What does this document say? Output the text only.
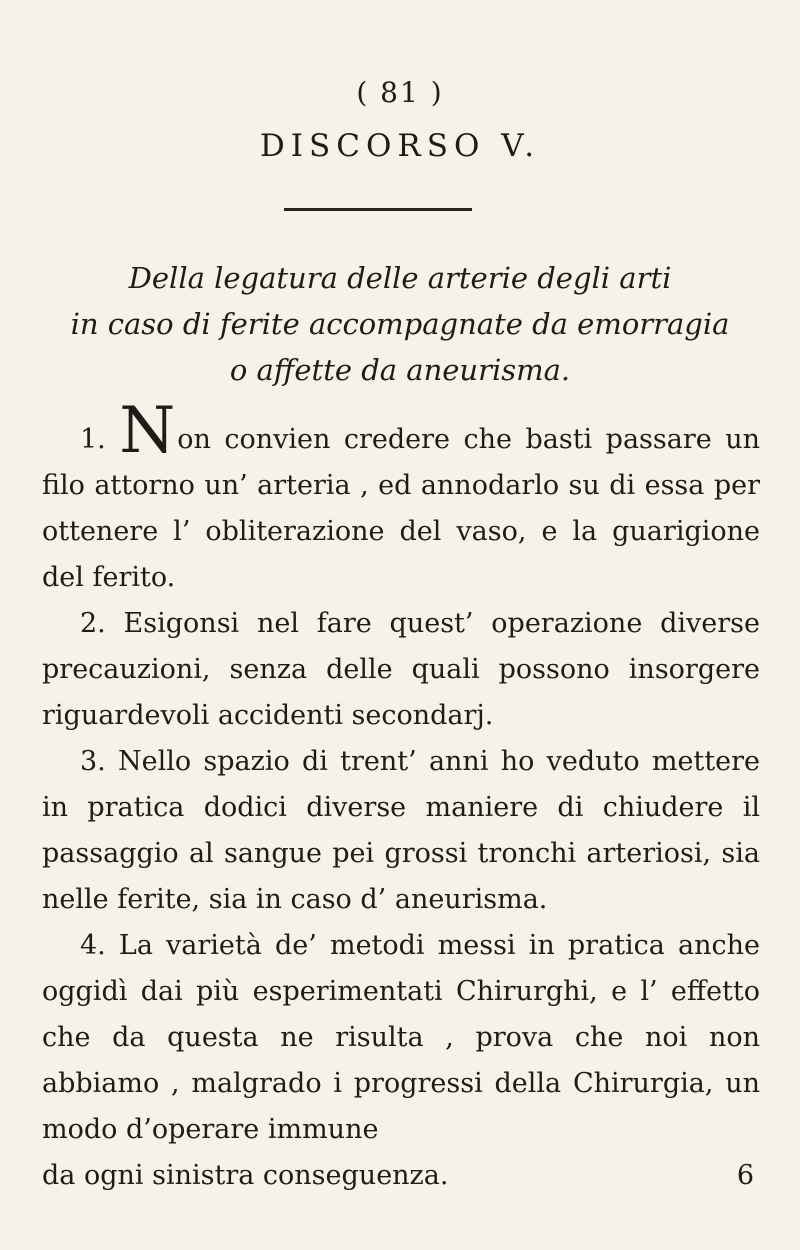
( 81 )
DISCORSO V.
Della legatura delle arterie degli arti
in caso di ferite accompagnate da emorragia
o affette da aneurisma.

1. Non convien credere che basti passare un filo attorno un’ arteria , ed annodarlo su di essa per ottenere l’ obliterazione del vaso, e la guarigione del ferito.

2. Esigonsi nel fare quest’ operazione diverse precauzioni, senza delle quali possono insorgere riguardevoli accidenti secondarj.

3. Nello spazio di trent’ anni ho veduto mettere in pratica dodici diverse maniere di chiudere il passaggio al sangue pei grossi tronchi arteriosi, sia nelle ferite, sia in caso d’ aneurisma.

4. La varietà de’ metodi messi in pratica anche oggidì dai più esperimentati Chirurghi, e l’ effetto che da questa ne risulta , prova che noi non abbiamo , malgrado i progressi della Chirurgia, un modo d’operare immune

da ogni sinistra conseguenza.	6
